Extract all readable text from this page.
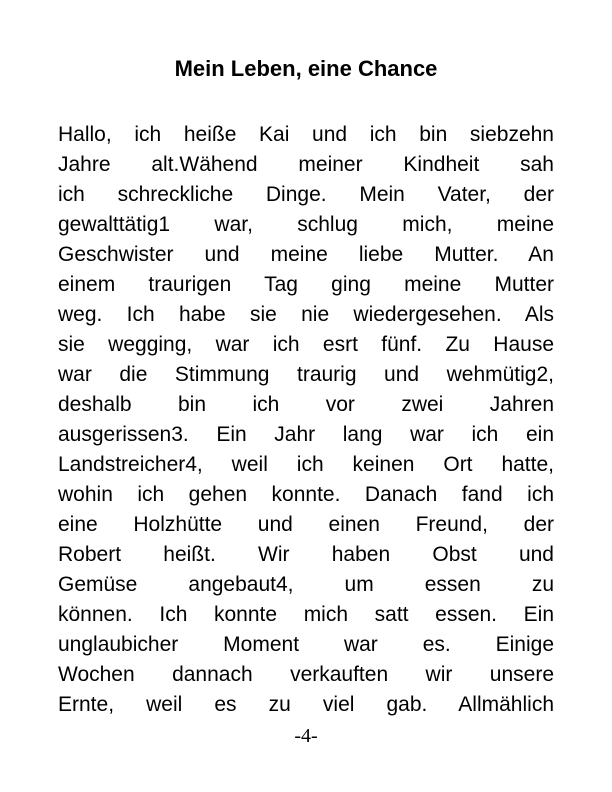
Mein Leben, eine Chance
Hallo, ich heiße Kai und ich bin siebzehn
Jahre alt.Wähend meiner Kindheit sah
ich schreckliche Dinge. Mein Vater, der
gewalttätig1 war, schlug mich, meine
Geschwister und meine liebe Mutter. An
einem traurigen Tag ging meine Mutter
weg. Ich habe sie nie wiedergesehen. Als
sie wegging, war ich esrt fünf. Zu Hause
war die Stimmung traurig und wehmütig2,
deshalb bin ich vor zwei Jahren
ausgerissen3. Ein Jahr lang war ich ein
Landstreicher4, weil ich keinen Ort hatte,
wohin ich gehen konnte. Danach fand ich
eine Holzhütte und einen Freund, der
Robert heißt. Wir haben Obst und
Gemüse angebaut4, um essen zu
können. Ich konnte mich satt essen. Ein
unglaubicher Moment war es. Einige
Wochen dannach verkauften wir unsere
Ernte, weil es zu viel gab. Allmählich
-4-
